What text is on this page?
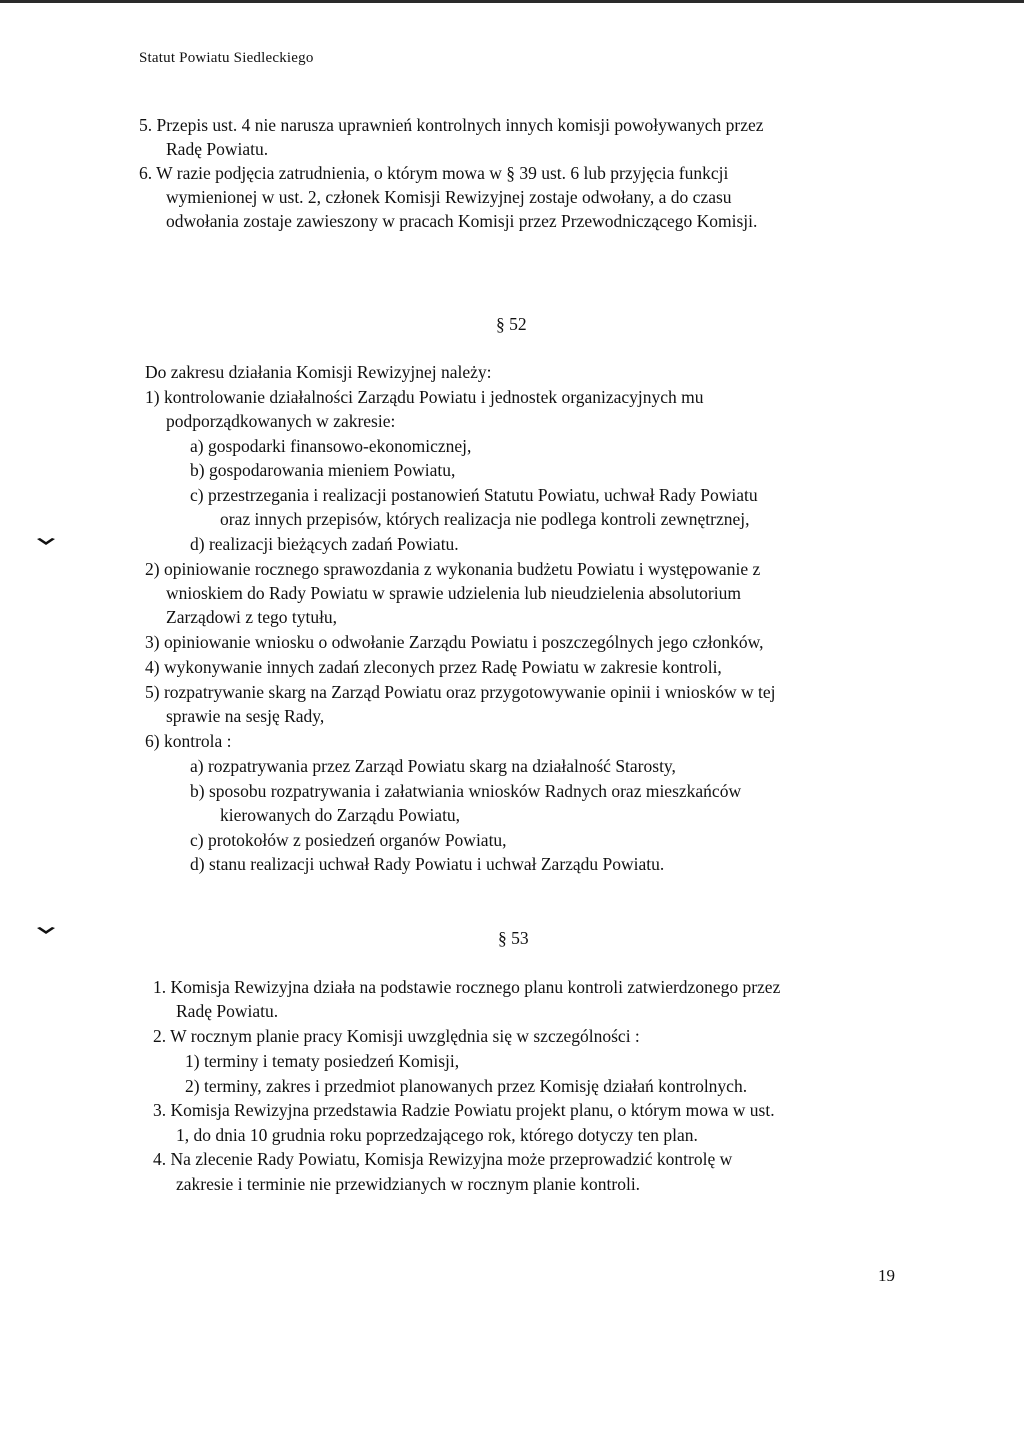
Statut Powiatu Siedleckiego
5. Przepis ust. 4 nie narusza uprawnień kontrolnych innych komisji powoływanych przez
Radę Powiatu.
6. W razie podjęcia zatrudnienia, o którym mowa w § 39 ust. 6 lub przyjęcia funkcji
wymienionej w ust. 2, członek Komisji Rewizyjnej zostaje odwołany, a do czasu
odwołania zostaje zawieszony w pracach Komisji przez Przewodniczącego Komisji.
§ 52
Do zakresu działania Komisji Rewizyjnej należy:
1) kontrolowanie działalności Zarządu Powiatu i jednostek organizacyjnych mu
podporządkowanych w zakresie:
a) gospodarki finansowo-ekonomicznej,
b) gospodarowania mieniem Powiatu,
c) przestrzegania i realizacji postanowień Statutu Powiatu, uchwał Rady Powiatu
oraz innych przepisów, których realizacja nie podlega kontroli zewnętrznej,
d) realizacji bieżących zadań Powiatu.
2) opiniowanie rocznego sprawozdania z wykonania budżetu Powiatu i występowanie z
wnioskiem do Rady Powiatu w sprawie udzielenia lub nieudzielenia absolutorium
Zarządowi z tego tytułu,
3) opiniowanie wniosku o odwołanie Zarządu Powiatu i poszczególnych jego członków,
4) wykonywanie innych zadań zleconych przez Radę Powiatu w zakresie kontroli,
5) rozpatrywanie skarg na Zarząd Powiatu oraz przygotowywanie opinii i wniosków w tej
sprawie na sesję Rady,
6) kontrola :
a) rozpatrywania przez Zarząd Powiatu skarg na działalność Starosty,
b) sposobu rozpatrywania i załatwiania wniosków Radnych oraz mieszkańców
kierowanych do Zarządu Powiatu,
c) protokołów z posiedzeń organów Powiatu,
d) stanu realizacji uchwał Rady Powiatu i uchwał Zarządu Powiatu.
§ 53
1. Komisja Rewizyjna działa na podstawie rocznego planu kontroli zatwierdzonego przez
Radę Powiatu.
2. W rocznym planie pracy Komisji uwzględnia się w szczególności :
1) terminy i tematy posiedzeń Komisji,
2) terminy, zakres i przedmiot planowanych przez Komisję działań kontrolnych.
3. Komisja Rewizyjna przedstawia Radzie Powiatu projekt planu, o którym mowa w ust.
1, do dnia 10 grudnia roku poprzedzającego rok, którego dotyczy ten plan.
4. Na zlecenie Rady Powiatu, Komisja Rewizyjna może przeprowadzić kontrolę w
zakresie i terminie nie przewidzianych w rocznym planie kontroli.
19
